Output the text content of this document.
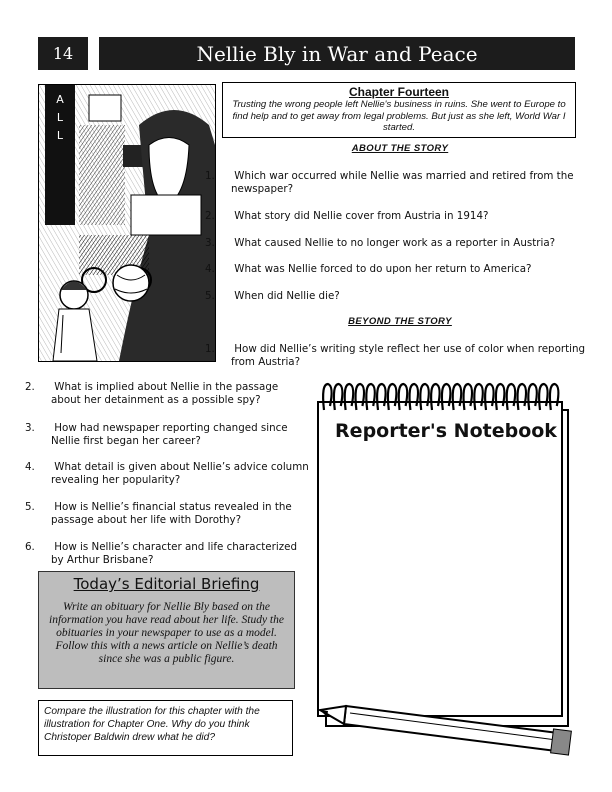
14	Nellie Bly in War and Peace
A
L
L
Chapter Fourteen
Trusting the wrong people left Nellie's business in ruins. She went to Europe to find help and to get away from legal problems. But just as she left, World War I started.
ABOUT THE STORY
1. Which war occurred while Nellie was married and retired from the newspaper?
2. What story did Nellie cover from Austria in 1914?
3. What caused Nellie to no longer work as a reporter in Austria?
4. What was Nellie forced to do upon her return to America?
5. When did Nellie die?
BEYOND THE STORY
1. How did Nellie’s writing style reflect her use of color when reporting from Austria?
2. What is implied about Nellie in the passage about her detainment as a possible spy?
3. How had newspaper reporting changed since Nellie first began her career?
4. What detail is given about Nellie’s advice column revealing her popularity?
5. How is Nellie’s financial status revealed in the passage about her life with Dorothy?
6. How is Nellie’s character and life characterized by Arthur Brisbane?
Today’s Editorial Briefing
Write an obituary for Nellie Bly based on the information you have read about her life. Study the obituaries in your newspaper to use as a model. Follow this with a news article on Nellie’s death since she was a public figure.
Compare the illustration for this chapter with the illustration for Chapter One. Why do you think Christoper Baldwin drew what he did?
Reporter's Notebook
